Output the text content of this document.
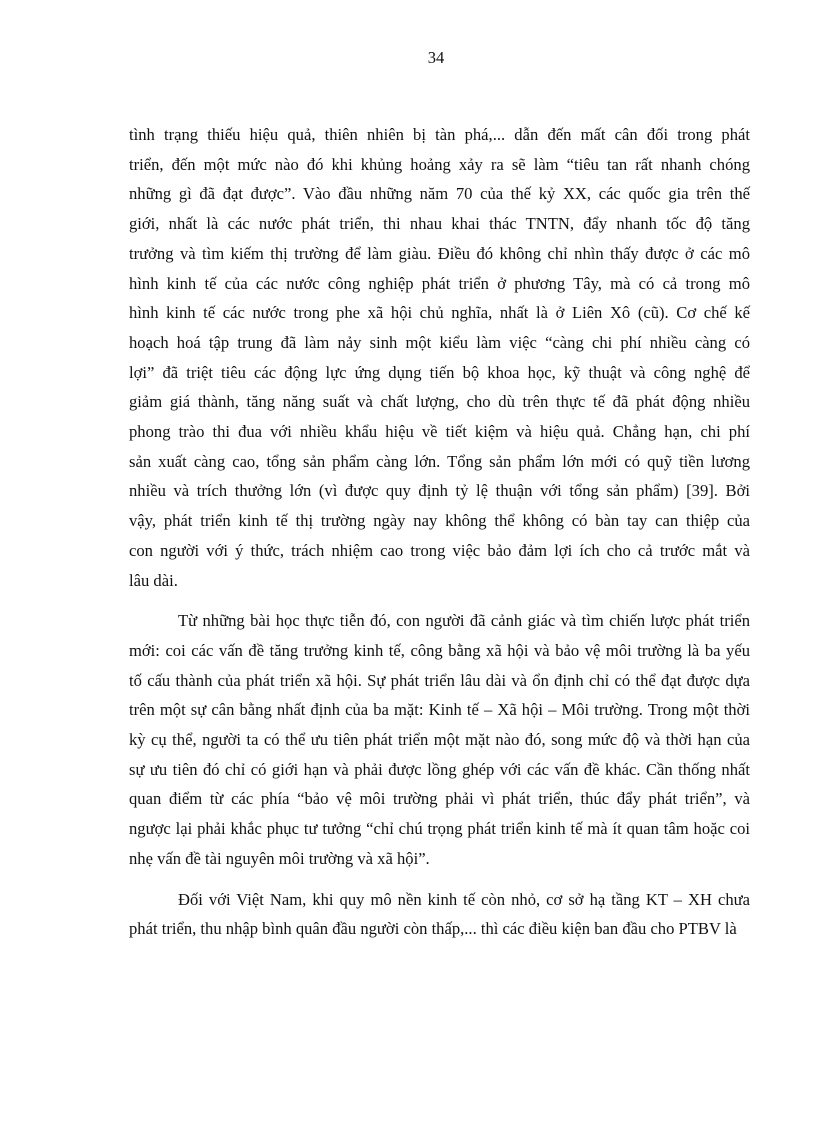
34

tình trạng thiếu hiệu quả, thiên nhiên bị tàn phá,... dẫn đến mất cân đối trong phát
triển, đến một mức nào đó khi khủng hoảng xảy ra sẽ làm “tiêu tan rất nhanh chóng
những gì đã đạt được”. Vào đầu những năm 70 của thế kỷ XX, các quốc gia trên thế
giới, nhất là các nước phát triển, thi nhau khai thác TNTN, đẩy nhanh tốc độ tăng
trưởng và tìm kiếm thị trường để làm giàu. Điều đó không chỉ nhìn thấy được ở các mô
hình kinh tế của các nước công nghiệp phát triển ở phương Tây, mà có cả trong mô
hình kinh tế các nước trong phe xã hội chủ nghĩa, nhất là ở Liên Xô (cũ). Cơ chế kế
hoạch hoá tập trung đã làm nảy sinh một kiểu làm việc “càng chi phí nhiều càng có
lợi” đã triệt tiêu các động lực ứng dụng tiến bộ khoa học, kỹ thuật và công nghệ để
giảm giá thành, tăng năng suất và chất lượng, cho dù trên thực tế đã phát động nhiều
phong trào thi đua với nhiều khẩu hiệu về tiết kiệm và hiệu quả. Chẳng hạn, chi phí
sản xuất càng cao, tổng sản phẩm càng lớn. Tổng sản phẩm lớn mới có quỹ tiền lương
nhiều và trích thưởng lớn (vì được quy định tỷ lệ thuận với tổng sản phẩm) [39]. Bởi
vậy, phát triển kinh tế thị trường ngày nay không thể không có bàn tay can thiệp của
con người với ý thức, trách nhiệm cao trong việc bảo đảm lợi ích cho cả trước mắt và
lâu dài.

Từ những bài học thực tiễn đó, con người đã cảnh giác và tìm chiến lược phát triển
mới: coi các vấn đề tăng trưởng kinh tế, công bằng xã hội và bảo vệ môi trường là ba yếu
tố cấu thành của phát triển xã hội. Sự phát triển lâu dài và ổn định chỉ có thể đạt được dựa
trên một sự cân bằng nhất định của ba mặt: Kinh tế – Xã hội – Môi trường. Trong một thời
kỳ cụ thể, người ta có thể ưu tiên phát triển một mặt nào đó, song mức độ và thời hạn của
sự ưu tiên đó chỉ có giới hạn và phải được lồng ghép với các vấn đề khác. Cần thống nhất
quan điểm từ các phía “bảo vệ môi trường phải vì phát triển, thúc đẩy phát triển”, và
ngược lại phải khắc phục tư tưởng “chỉ chú trọng phát triển kinh tế mà ít quan tâm hoặc coi
nhẹ vấn đề tài nguyên môi trường và xã hội”.

Đối với Việt Nam, khi quy mô nền kinh tế còn nhỏ, cơ sở hạ tầng KT – XH chưa
phát triển, thu nhập bình quân đầu người còn thấp,... thì các điều kiện ban đầu cho PTBV là
